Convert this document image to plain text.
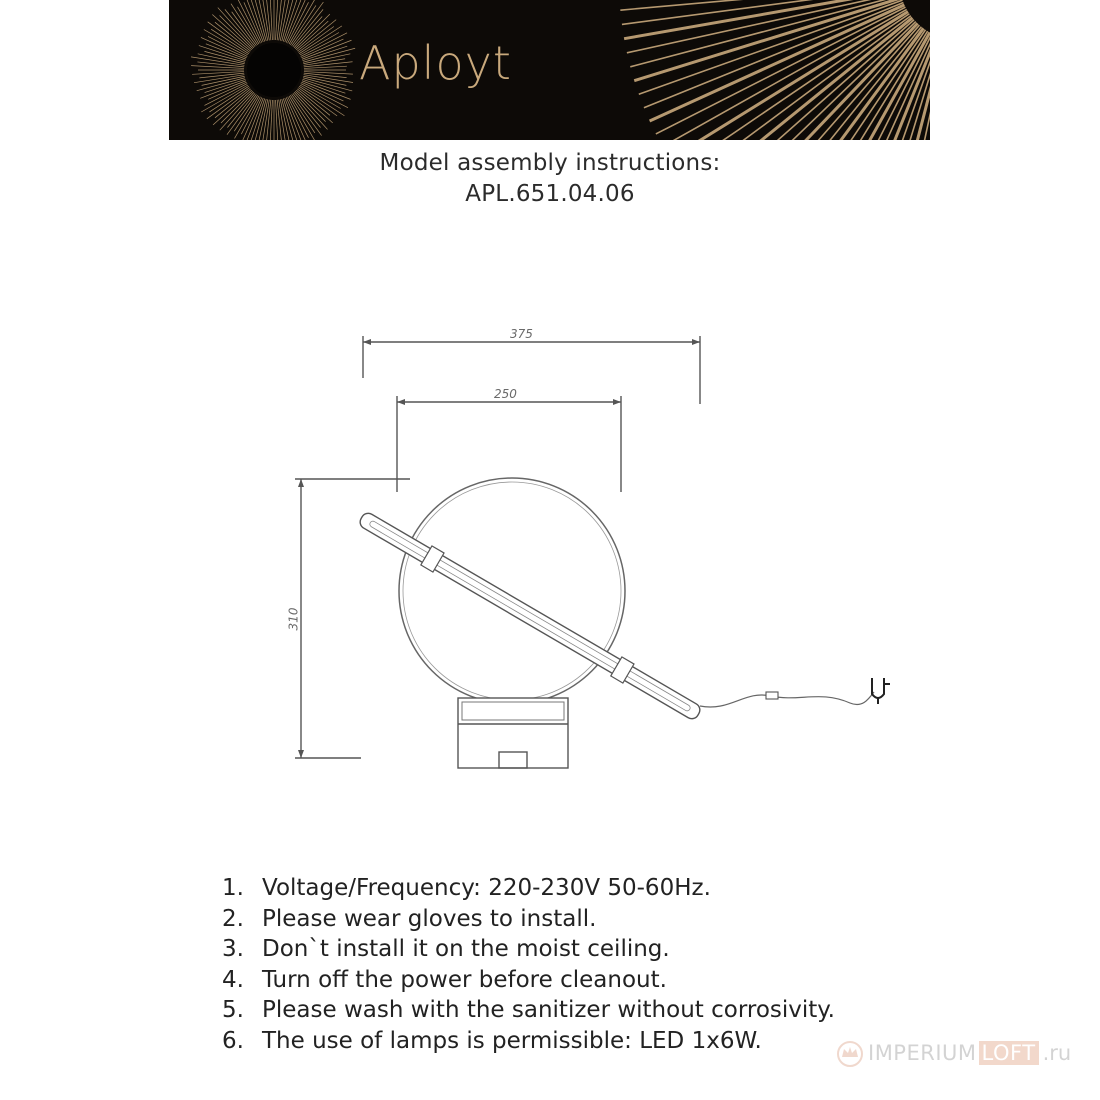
Aployt
Model assembly instructions:
APL.651.04.06
375
250
310
1. Voltage/Frequency: 220-230V 50-60Hz.
2. Please wear gloves to install.
3. Don`t install it on the moist ceiling.
4. Turn off the power before cleanout.
5. Please wash with the sanitizer without corrosivity.
6. The use of lamps is permissible: LED 1x6W.	IMPERIUM LOFT .ru
